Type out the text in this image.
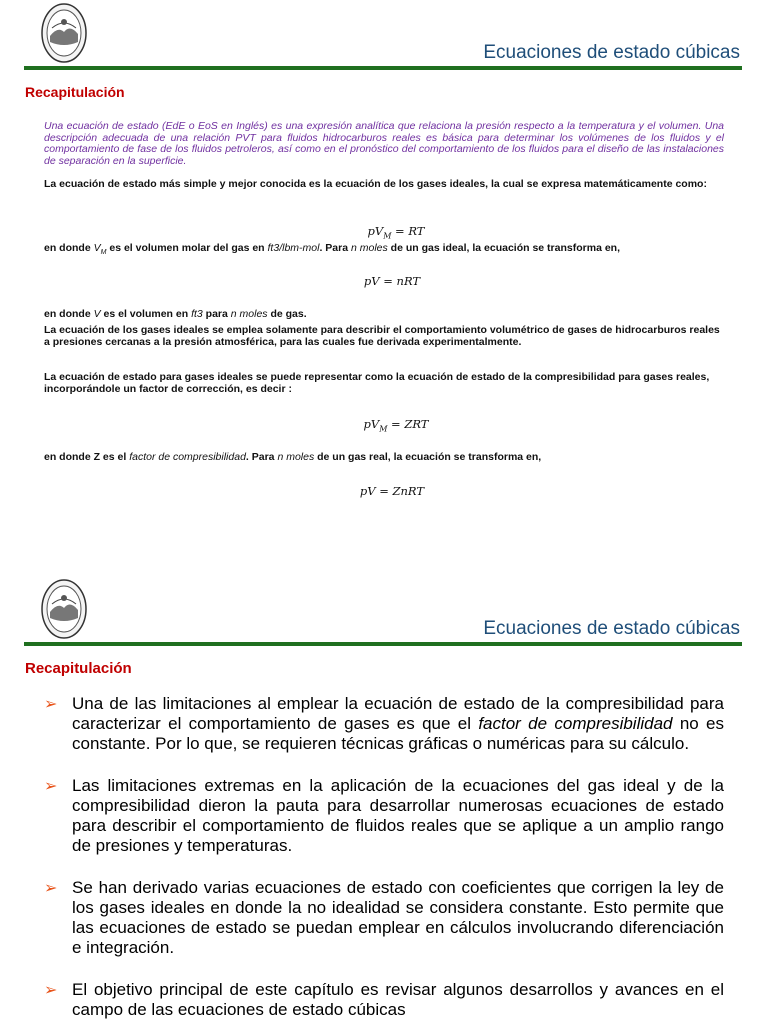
Ecuaciones de estado cúbicas
Recapitulación
Una ecuación de estado (EdE o EoS en Inglés) es una expresión analítica que relaciona la presión respecto a la temperatura y el volumen. Una descripción adecuada de una relación PVT para fluidos hidrocarburos reales es básica para determinar los volúmenes de los fluidos y el comportamiento de fase de los fluidos petroleros, así como en el pronóstico del comportamiento de los fluidos para el diseño de las instalaciones de separación en la superficie.
La ecuación de estado más simple y mejor conocida es la ecuación de los gases ideales, la cual se expresa matemáticamente como:
$pV_M$ = RT
en donde $V_M$ es el volumen molar del gas en ft3/lbm-mol. Para n moles de un gas ideal, la ecuación se transforma en,
pV = nRT
en donde V es el volumen en ft3 para n moles de gas.
La ecuación de los gases ideales se emplea solamente para describir el comportamiento volumétrico de gases de hidrocarburos reales a presiones cercanas a la presión atmosférica, para las cuales fue derivada experimentalmente.
La ecuación de estado para gases ideales se puede representar como la ecuación de estado de la compresibilidad para gases reales, incorporándole un factor de corrección, es decir :
$pV_M$ = ZRT
en donde Z es el factor de compresibilidad. Para n moles de un gas real, la ecuación se transforma en,
pV = ZnRT
Ecuaciones de estado cúbicas
Recapitulación
➢ Una de las limitaciones al emplear la ecuación de estado de la compresibilidad para caracterizar el comportamiento de gases es que el factor de compresibilidad no es constante. Por lo que, se requieren técnicas gráficas o numéricas para su cálculo.
➢ Las limitaciones extremas en la aplicación de la ecuaciones del gas ideal y de la compresibilidad dieron la pauta para desarrollar numerosas ecuaciones de estado para describir el comportamiento de fluidos reales que se aplique a un amplio rango de presiones y temperaturas.
➢ Se han derivado varias ecuaciones de estado con coeficientes que corrigen la ley de los gases ideales en donde la no idealidad se considera constante. Esto permite que las ecuaciones de estado se puedan emplear en cálculos involucrando diferenciación e integración.
➢ El objetivo principal de este capítulo es revisar algunos desarrollos y avances en el campo de las ecuaciones de estado cúbicas
